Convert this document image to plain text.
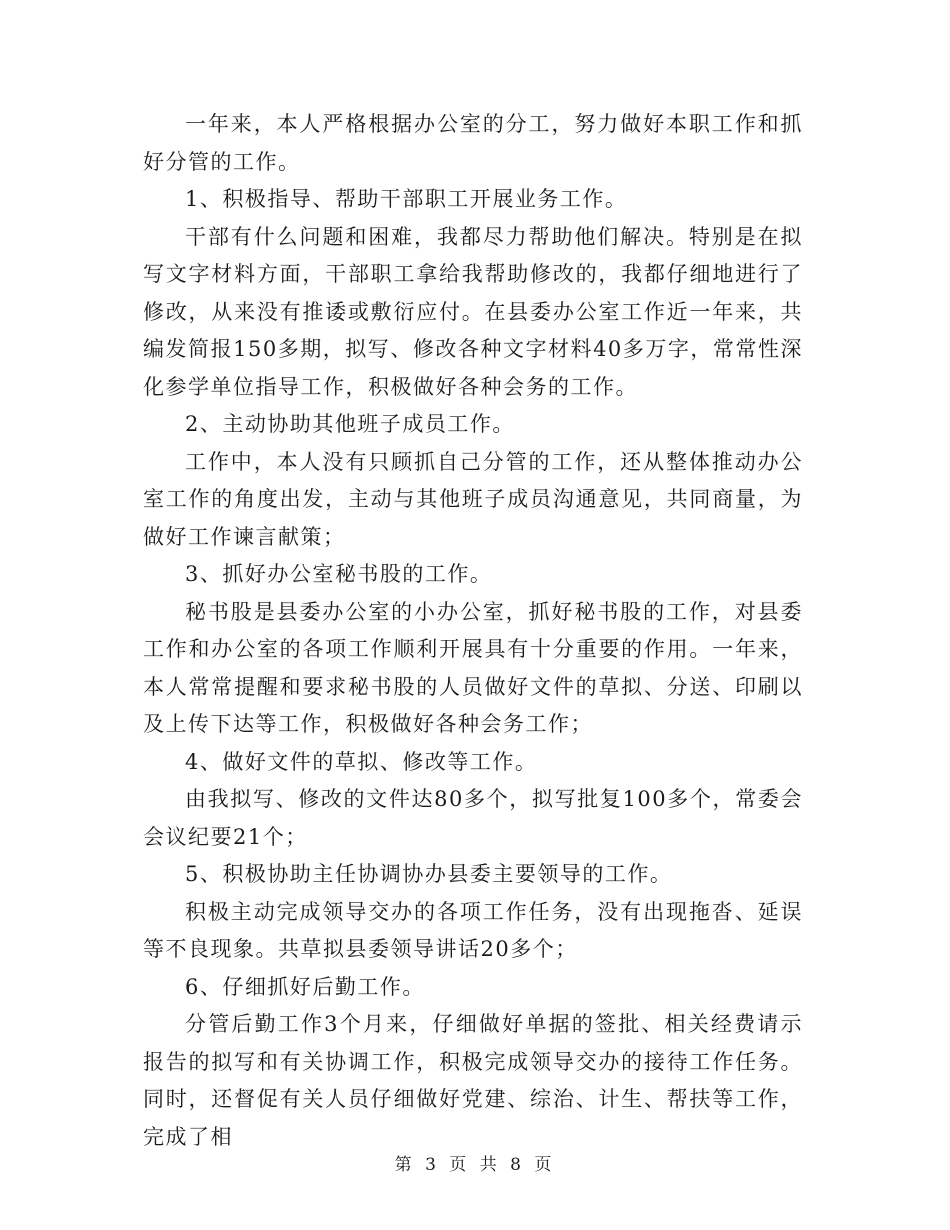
一年来，本人严格根据办公室的分工，努力做好本职工作和抓好分管的工作。

1、积极指导、帮助干部职工开展业务工作。

干部有什么问题和困难，我都尽力帮助他们解决。特别是在拟写文字材料方面，干部职工拿给我帮助修改的，我都仔细地进行了修改，从来没有推诿或敷衍应付。在县委办公室工作近一年来，共编发简报150多期，拟写、修改各种文字材料40多万字，常常性深化参学单位指导工作，积极做好各种会务的工作。

2、主动协助其他班子成员工作。

工作中，本人没有只顾抓自己分管的工作，还从整体推动办公室工作的角度出发，主动与其他班子成员沟通意见，共同商量，为做好工作谏言献策；

3、抓好办公室秘书股的工作。

秘书股是县委办公室的小办公室，抓好秘书股的工作，对县委工作和办公室的各项工作顺利开展具有十分重要的作用。一年来，本人常常提醒和要求秘书股的人员做好文件的草拟、分送、印刷以及上传下达等工作，积极做好各种会务工作；

4、做好文件的草拟、修改等工作。

由我拟写、修改的文件达80多个，拟写批复100多个，常委会会议纪要21个；

5、积极协助主任协调协办县委主要领导的工作。

积极主动完成领导交办的各项工作任务，没有出现拖沓、延误等不良现象。共草拟县委领导讲话20多个；

6、仔细抓好后勤工作。

分管后勤工作3个月来，仔细做好单据的签批、相关经费请示报告的拟写和有关协调工作，积极完成领导交办的接待工作任务。同时，还督促有关人员仔细做好党建、综治、计生、帮扶等工作，完成了相

第 3 页 共 8 页
